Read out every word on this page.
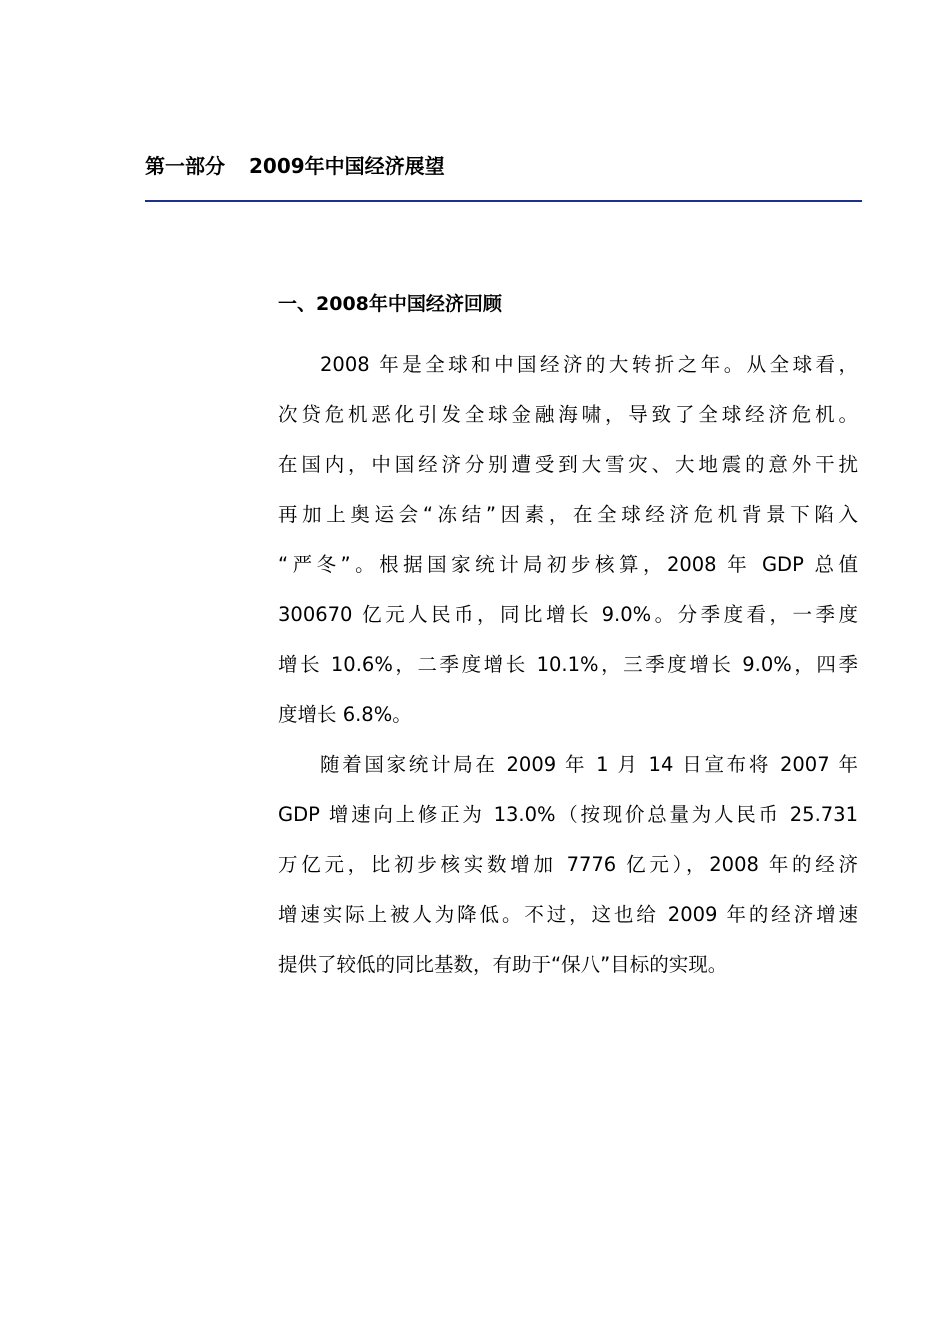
第一部分 2009年中国经济展望
一、2008年中国经济回顾
2008 年是全球和中国经济的大转折之年。从全球看，
次贷危机恶化引发全球金融海啸，导致了全球经济危机。
在国内，中国经济分别遭受到大雪灾、大地震的意外干扰
再加上奥运会“冻结”因素，在全球经济危机背景下陷入
“严冬”。根据国家统计局初步核算，2008 年 GDP 总值
300670 亿元人民币，同比增长 9.0%。分季度看，一季度
增长 10.6%，二季度增长 10.1%，三季度增长 9.0%，四季
度增长 6.8%。
随着国家统计局在 2009 年 1 月 14 日宣布将 2007 年
GDP 增速向上修正为 13.0%（按现价总量为人民币 25.731
万亿元，比初步核实数增加 7776 亿元），2008 年的经济
增速实际上被人为降低。不过，这也给 2009 年的经济增速
提供了较低的同比基数，有助于“保八”目标的实现。
